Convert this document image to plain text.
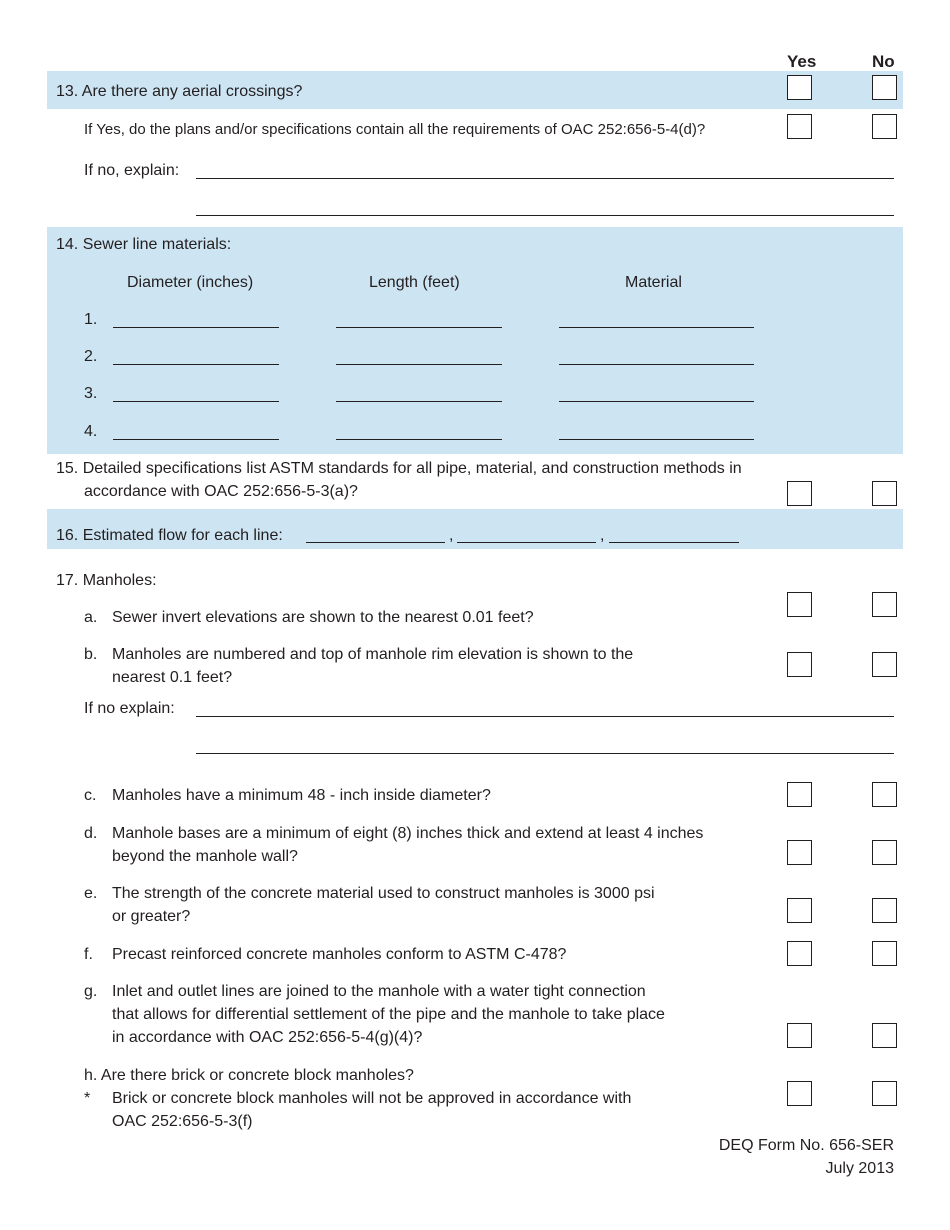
Yes	No
13. Are there any aerial crossings?
If Yes, do the plans and/or specifications contain all the requirements of OAC 252:656-5-4(d)?
If no, explain:
14. Sewer line materials:
Diameter (inches)	Length (feet)	Material
1.
2.
3.
4.
15. Detailed specifications list ASTM standards for all pipe, material, and construction methods in
accordance with OAC 252:656-5-3(a)?
16. Estimated flow for each line:	,	,
17. Manholes:
a. Sewer invert elevations are shown to the nearest 0.01 feet?
b. Manholes are numbered and top of manhole rim elevation is shown to the
nearest 0.1 feet?
If no explain:
c. Manholes have a minimum 48 - inch inside diameter?
d. Manhole bases are a minimum of eight (8) inches thick and extend at least 4 inches
beyond the manhole wall?
e. The strength of the concrete material used to construct manholes is 3000 psi
or greater?
f. Precast reinforced concrete manholes conform to ASTM C-478?
g. Inlet and outlet lines are joined to the manhole with a water tight connection
that allows for differential settlement of the pipe and the manhole to take place
in accordance with OAC 252:656-5-4(g)(4)?
h. Are there brick or concrete block manholes?
* Brick or concrete block manholes will not be approved in accordance with
OAC 252:656-5-3(f)
DEQ Form No. 656-SER
July 2013
